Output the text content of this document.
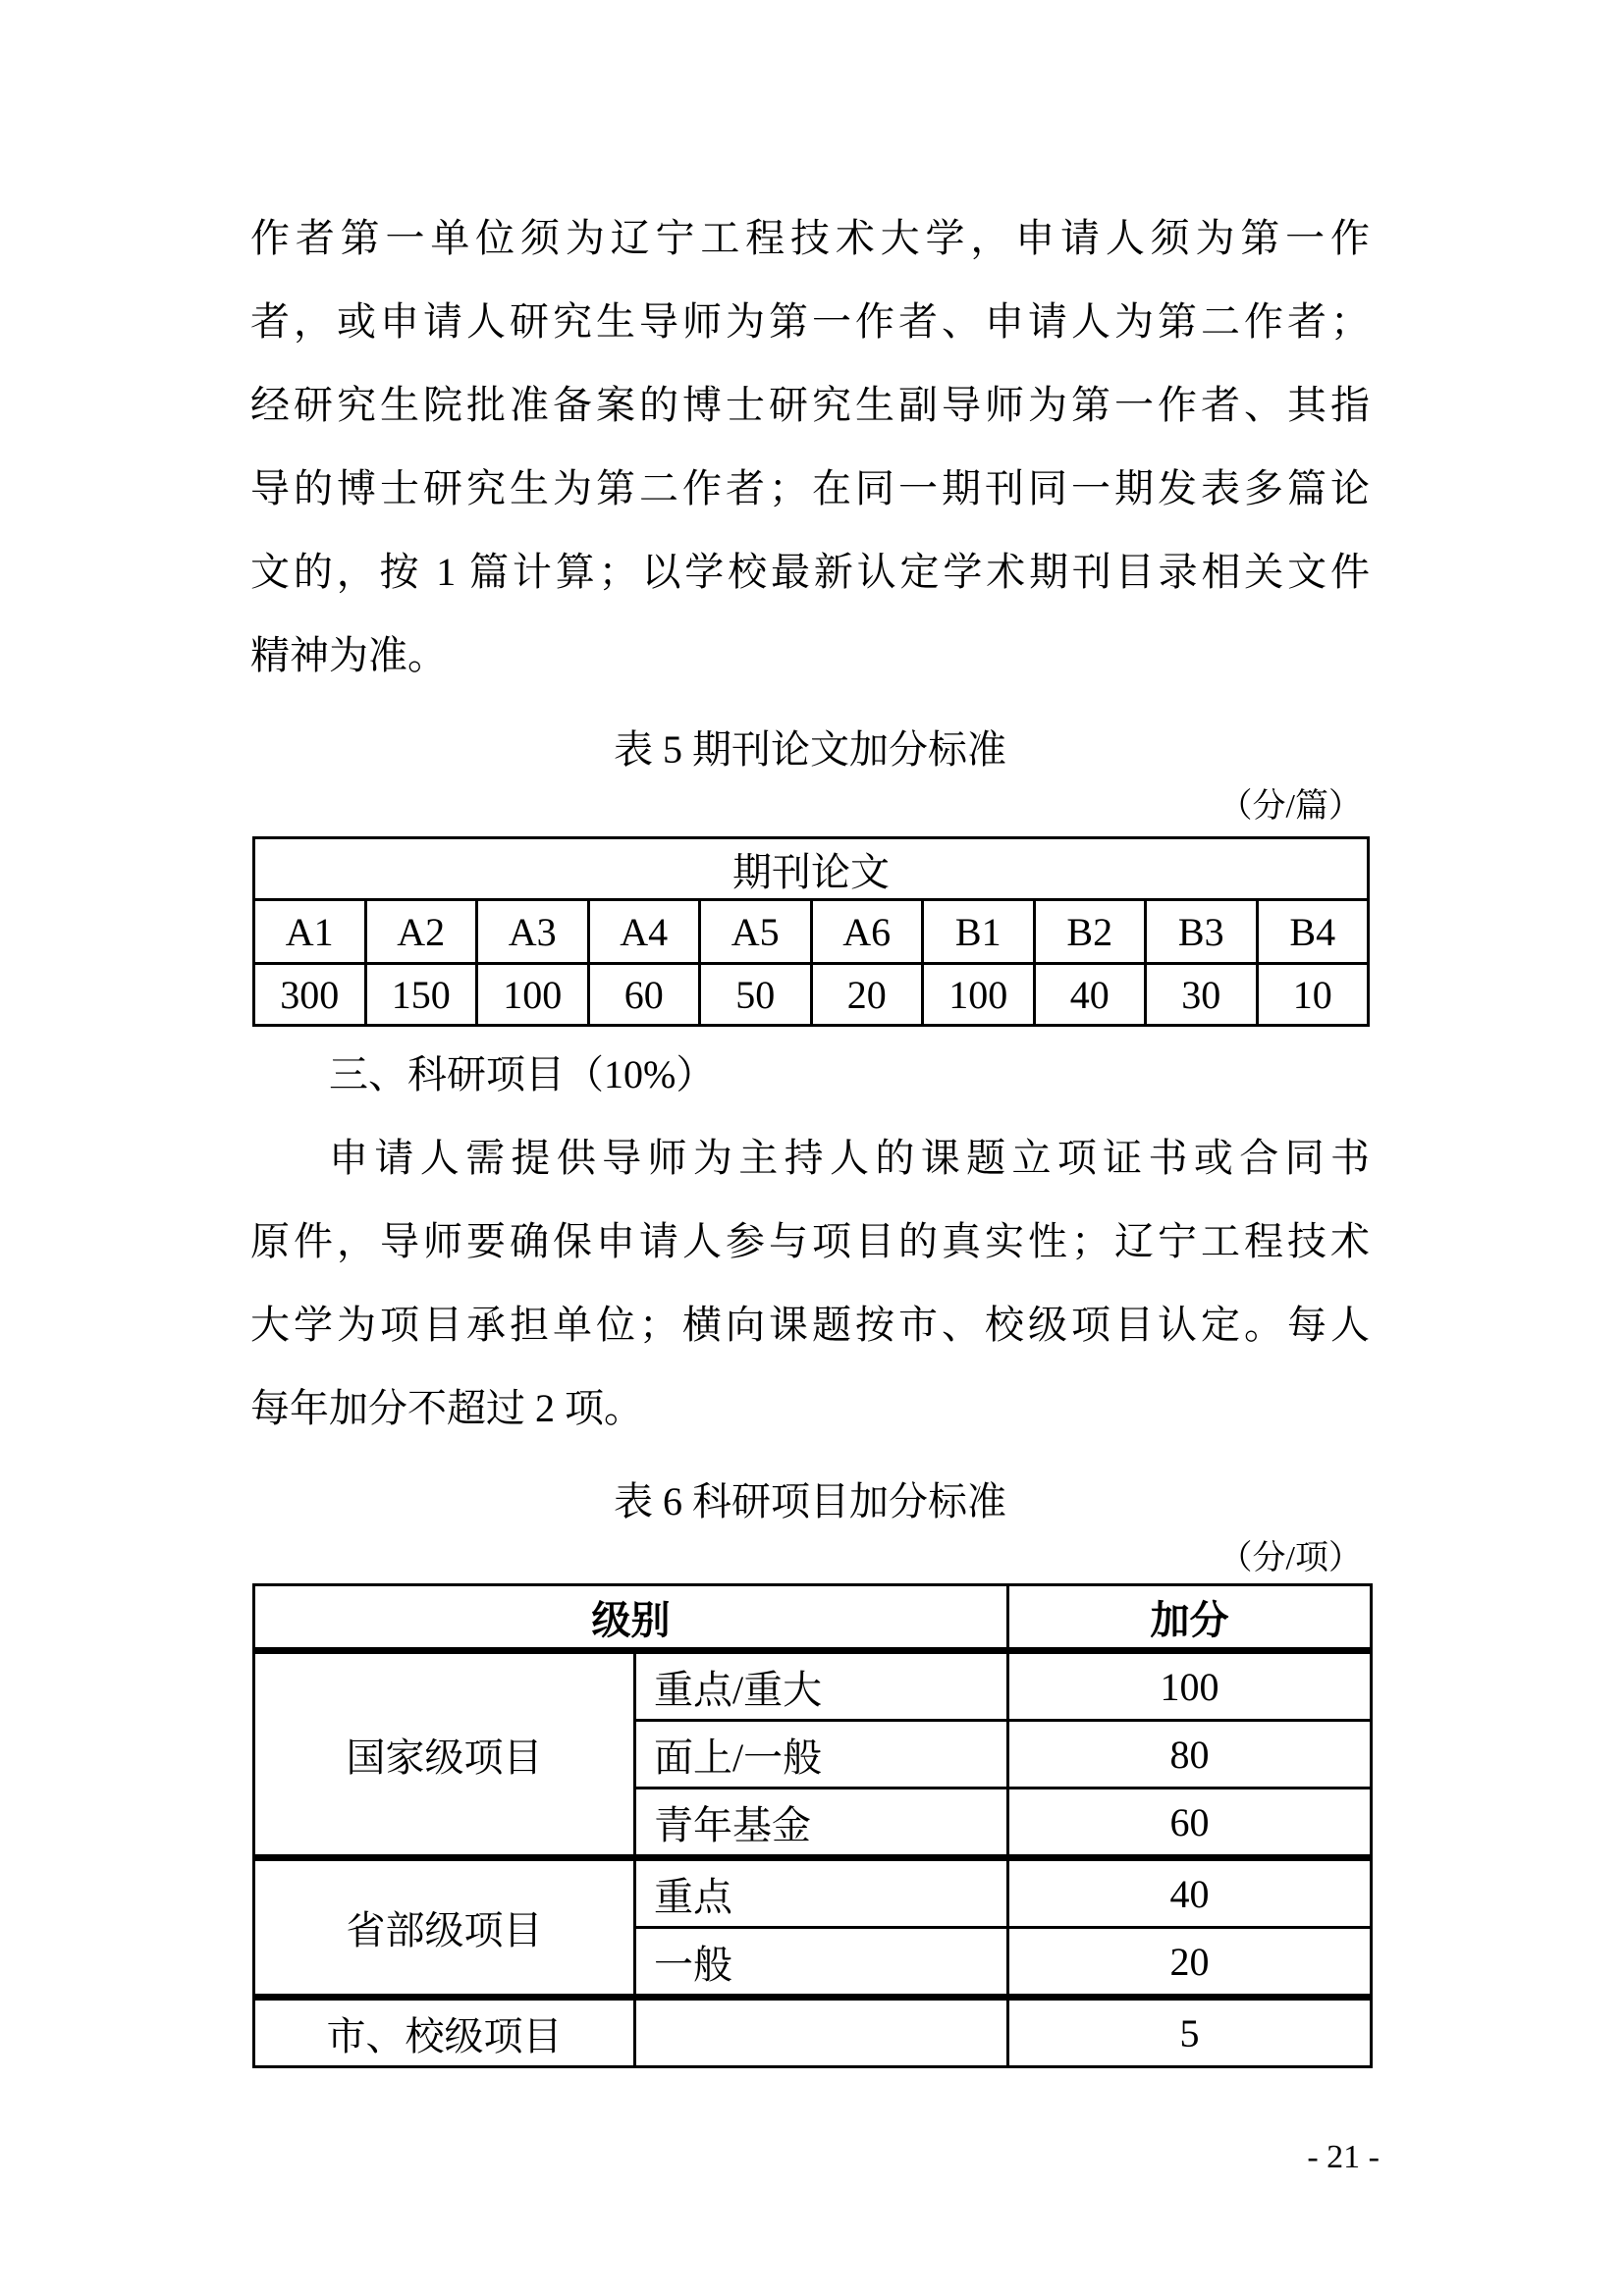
作者第一单位须为辽宁工程技术大学，申请人须为第一作
者，或申请人研究生导师为第一作者、申请人为第二作者；
经研究生院批准备案的博士研究生副导师为第一作者、其指
导的博士研究生为第二作者；在同一期刊同一期发表多篇论
文的，按 1 篇计算；以学校最新认定学术期刊目录相关文件
精神为准。
表 5 期刊论文加分标准
（分/篇）
期刊论文									
A1	A2	A3	A4	A5	A6	B1	B2	B3	B4
300	150	100	60	50	20	100	40	30	10
三、科研项目（10%）
申请人需提供导师为主持人的课题立项证书或合同书
原件，导师要确保申请人参与项目的真实性；辽宁工程技术
大学为项目承担单位；横向课题按市、校级项目认定。每人
每年加分不超过 2 项。
表 6 科研项目加分标准
（分/项）
级别		加分
国家级项目	重点/重大	100
	面上/一般	80
	青年基金	60
省部级项目	重点	40
	一般	20
市、校级项目		5
- 21 -
